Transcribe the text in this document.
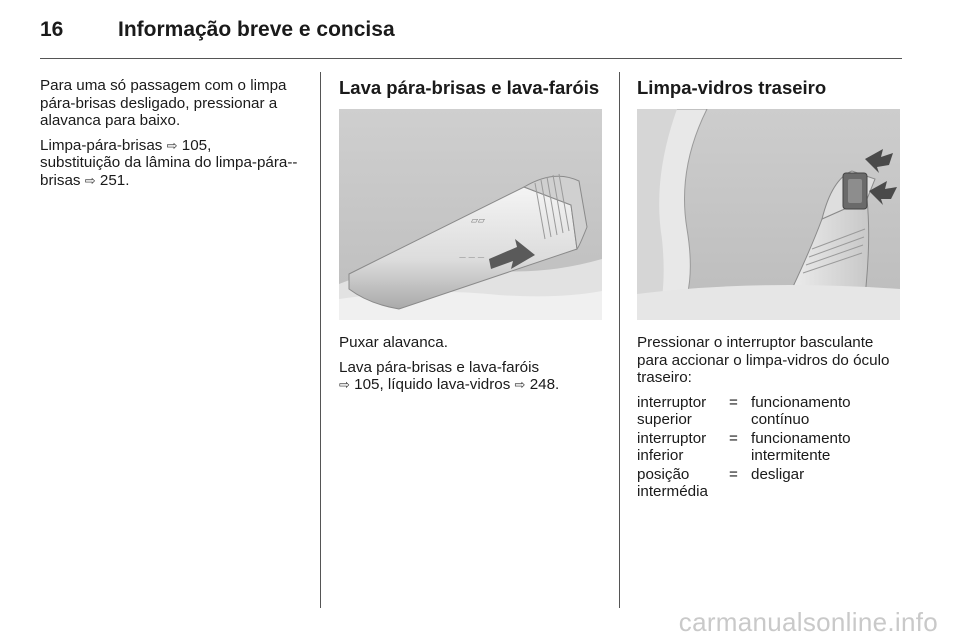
16	Informação breve e concisa

Para uma só passagem com o limpa pára-brisas desligado, pressionar a alavanca para baixo.

Limpa-pára-brisas ⇨ 105,
substituição da lâmina do limpa-pára--brisas ⇨ 251.

Lava pára-brisas e lava-faróis
▱▱
— — —

Puxar alavanca.

Lava pára-brisas e lava-faróis
⇨ 105, líquido lava-vidros ⇨ 248.

Limpa-vidros traseiro

Pressionar o interruptor basculante para accionar o limpa-vidros do óculo traseiro:

interruptor superior	=	funcionamento contínuo
interruptor inferior	=	funcionamento intermitente
posição intermédia	=	desligar
carmanualsonline.info
